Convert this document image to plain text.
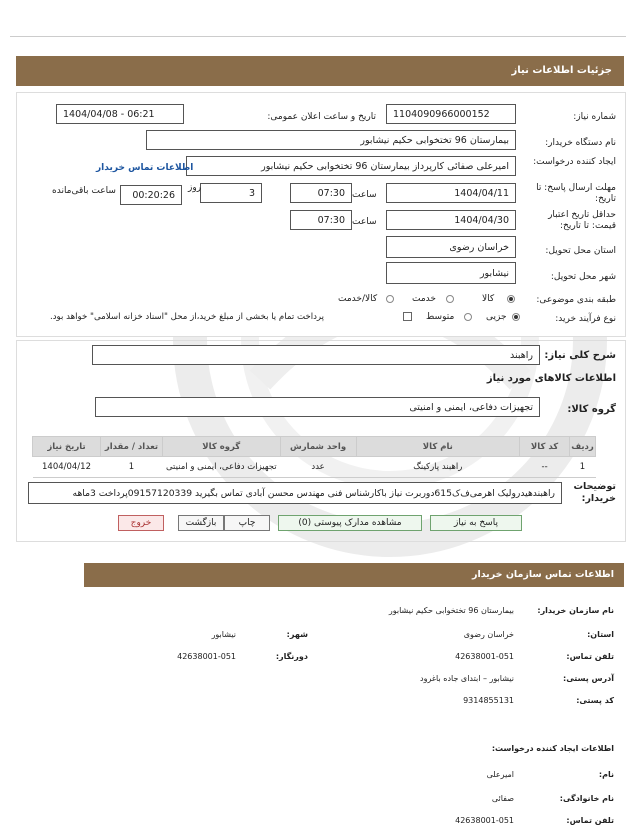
جزئیات اطلاعات نیاز
شماره نیاز:
1104090966000152
تاریخ و ساعت اعلان عمومی:
1404/04/08 - 06:21
نام دستگاه خریدار:
بیمارستان 96 تختخوابی حکیم نیشابور
ایجاد کننده درخواست:
امیرعلی صفائی کارپرداز بیمارستان 96 تختخوابی حکیم نیشابور
اطلاعات تماس خریدار
مهلت ارسال پاسخ: تا تاریخ:
1404/04/11
ساعت
07:30
3
روز
00:20:26
ساعت باقی‌مانده
حداقل تاریخ اعتبار قیمت: تا تاریخ:
1404/04/30
ساعت
07:30
استان محل تحویل:
خراسان رضوی
شهر محل تحویل:
نیشابور
طبقه بندی موضوعی:
کالا
خدمت
کالا/خدمت
نوع فرآیند خرید:
جزیی
متوسط
پرداخت تمام یا بخشی از مبلغ خرید،از محل "اسناد خزانه اسلامی" خواهد بود.
شرح کلی نیاز:
راهبند
اطلاعات کالاهای مورد نیاز
گروه کالا:
تجهیزات دفاعی، ایمنی و امنیتی
ردیف	کد کالا	نام کالا	واحد شمارش	گروه کالا	تعداد / مقدار	تاریخ نیاز
1	--	راهبند پارکینگ	عدد	تجهیزات دفاعی، ایمنی و امنیتی	1	1404/04/12
توضیحات خریدار:
راهبندهیدرولیک اهرمی‌ف‌ک615دوربرت نیاز باکارشناس فنی مهندس محسن آبادی تماس بگیرید 09157120339پرداخت 3ماهه
پاسخ به نیاز
مشاهده مدارک پیوستی (0)
چاپ
بازگشت
خروج
اطلاعات تماس سازمان خریدار
نام سازمان خریدار:
بیمارستان 96 تختخوابی حکیم نیشابور
استان:
خراسان رضوی
شهر:
نیشابور
تلفن تماس:
42638001-051
دورنگار:
42638001-051
آدرس پستی:
نیشابور – ابتدای جاده باغرود
کد پستی:
9314855131
اطلاعات ایجاد کننده درخواست:
نام:
امیرعلی
نام خانوادگی:
صفائی
تلفن تماس:
42638001-051
